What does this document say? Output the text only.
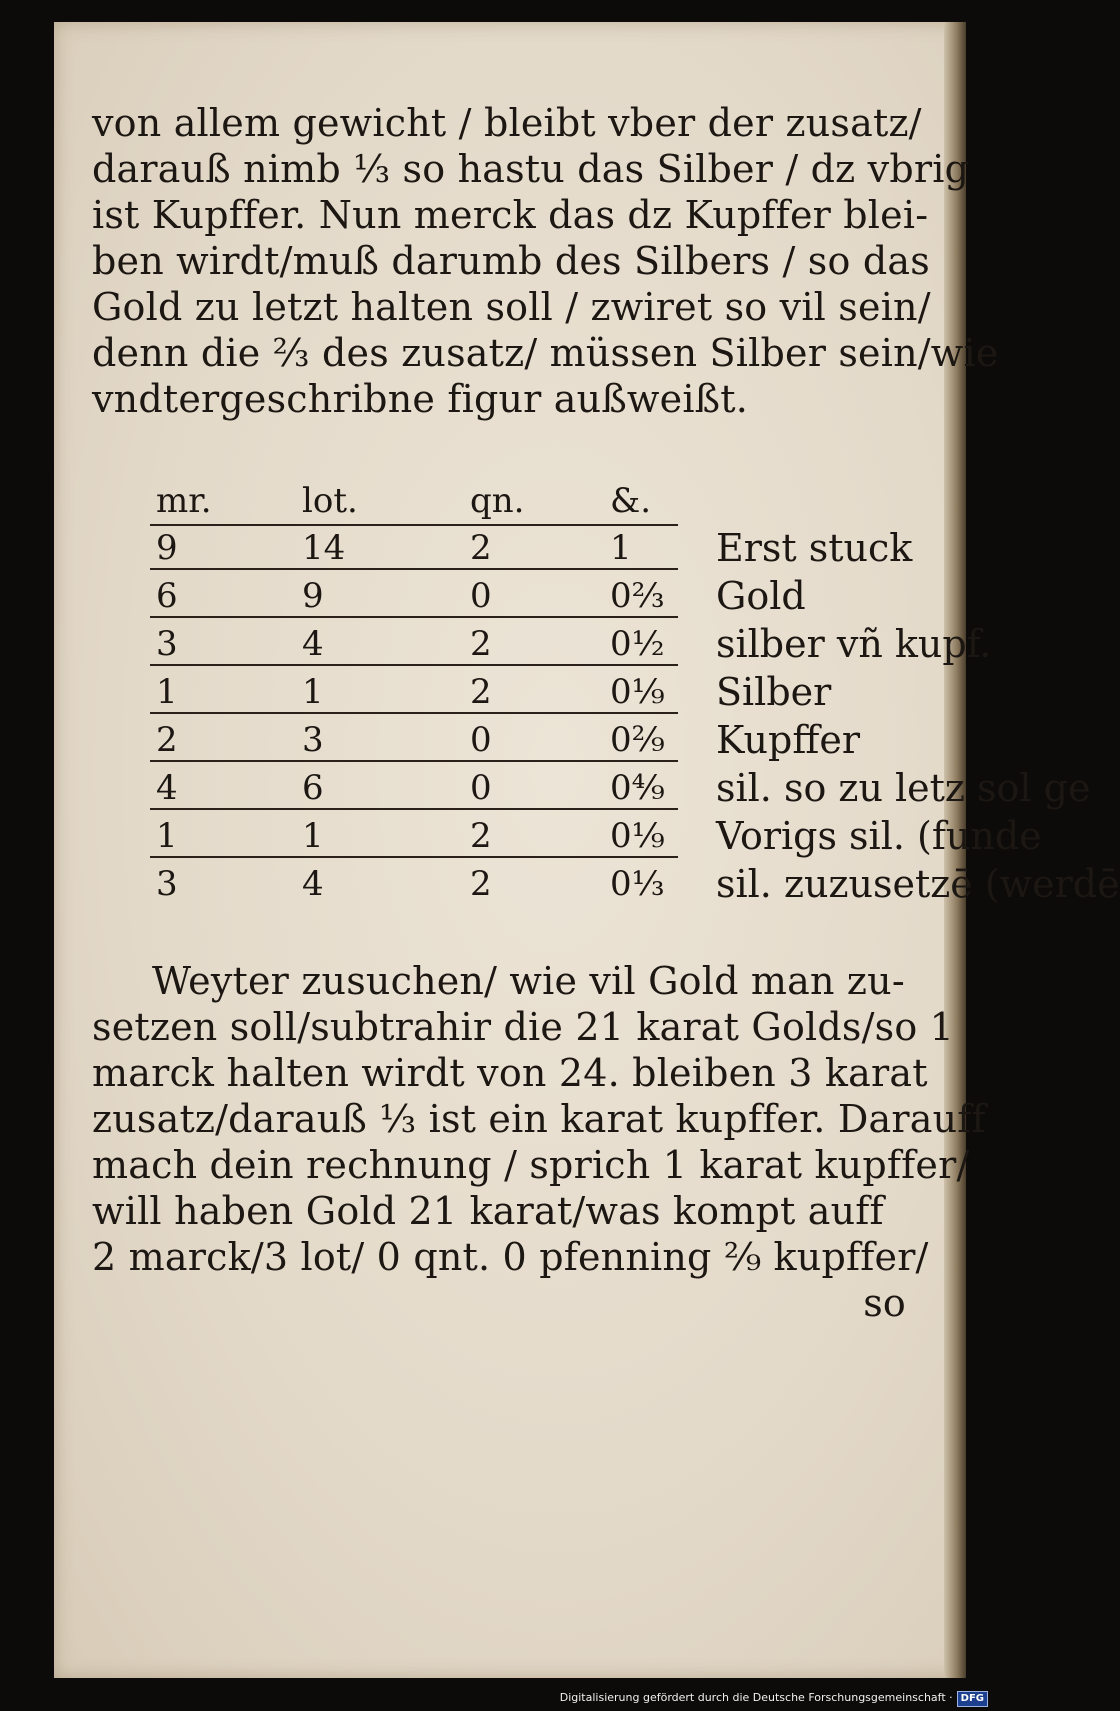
von allem gewicht / bleibt vber der zusatz/
darauß nimb ⅓ so hastu das Silber / dz vbrig
ist Kupffer. Nun merck das dz Kupffer blei-
ben wirdt/muß darumb des Silbers / so das
Gold zu letzt halten soll / zwiret so vil sein/
denn die ⅔ des zusatz/ müssen Silber sein/wie
vndtergeschribne figur außweißt.
mr.	lot.	qn.	&.
9	14	2	1 Erst stuck
6	9	0	0⅔ Gold
3	4	2	0½ silber vñ kupf.
1	1	2	0⅑ Silber
2	3	0	0²⁄₉ Kupffer
4	6	0	0⁴⁄₉ sil. so zu letz sol ge
1	1	2	0⅑ Vorigs sil. (funde
3	4	2	0⅓ sil. zuzusetzē (werdē
Weyter zusuchen/ wie vil Gold man zu-
setzen soll/subtrahir die 21 karat Golds/so 1
marck halten wirdt von 24. bleiben 3 karat
zusatz/darauß ⅓ ist ein karat kupffer. Darauff
mach dein rechnung / sprich 1 karat kupffer/
will haben Gold 21 karat/was kompt auff
2 marck/3 lot/ 0 qnt. 0 pfenning ²⁄₉ kupffer/
so
Digitalisierung gefördert durch die Deutsche Forschungsgemeinschaft · DFG
